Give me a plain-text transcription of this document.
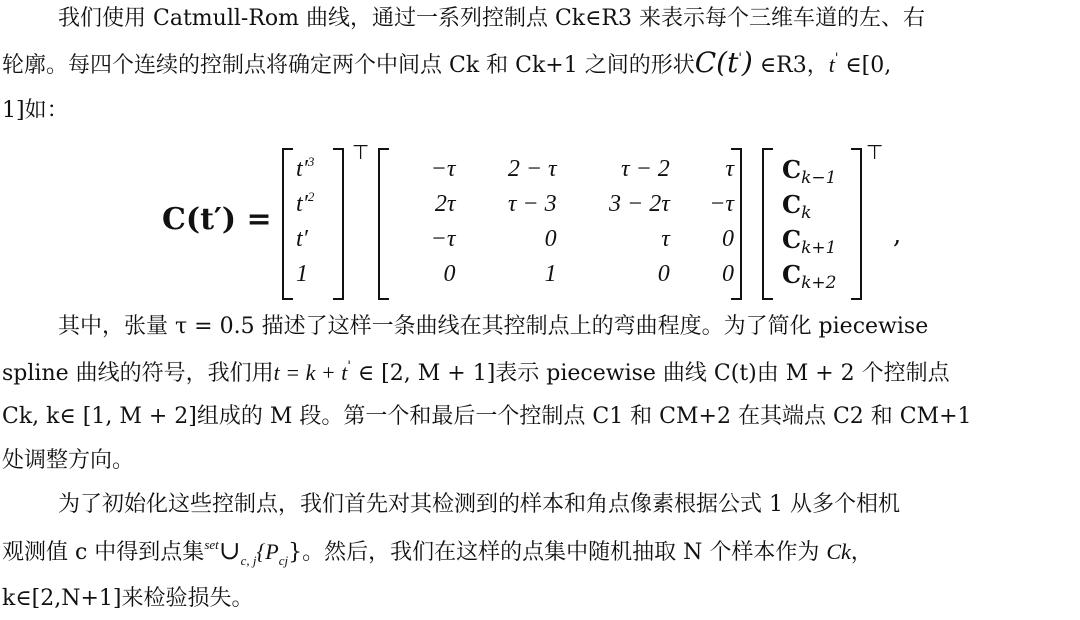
我们使用 Catmull-Rom 曲线，通过一系列控制点 Ck∈R3 来表示每个三维车道的左、右
轮廓。每四个连续的控制点将确定两个中间点 Ck 和 Ck+1 之间的形状C(t') ∈R3，t' ∈[0,
1]如：
C(t′) =
$t'^3$
$t'^2$
t′
1
⊤
−τ	2 − τ	τ − 2	τ
2τ	τ − 3	3 − 2τ	−τ
−τ	0	τ	0
0	1	0	0
$C_{k-1}$
$C_k$
$C_{k+1}$
$C_{k+2}$
⊤
,
其中，张量 τ = 0.5 描述了这样一条曲线在其控制点上的弯曲程度。为了简化 piecewise
spline 曲线的符号，我们用t = k + t' ∈ [2, M + 1]表示 piecewise 曲线 C(t)由 M + 2 个控制点
Ck, k∈ [1, M + 2]组成的 M 段。第一个和最后一个控制点 C1 和 CM+2 在其端点 C2 和 CM+1
处调整方向。
为了初始化这些控制点，我们首先对其检测到的样本和角点像素根据公式 1 从多个相机
观测值 c 中得到点集$^{set}\cup_{c, j}\{P_{cj}\}$。然后，我们在这样的点集中随机抽取 N 个样本作为 Ck，
k∈[2,N+1]来检验损失。
